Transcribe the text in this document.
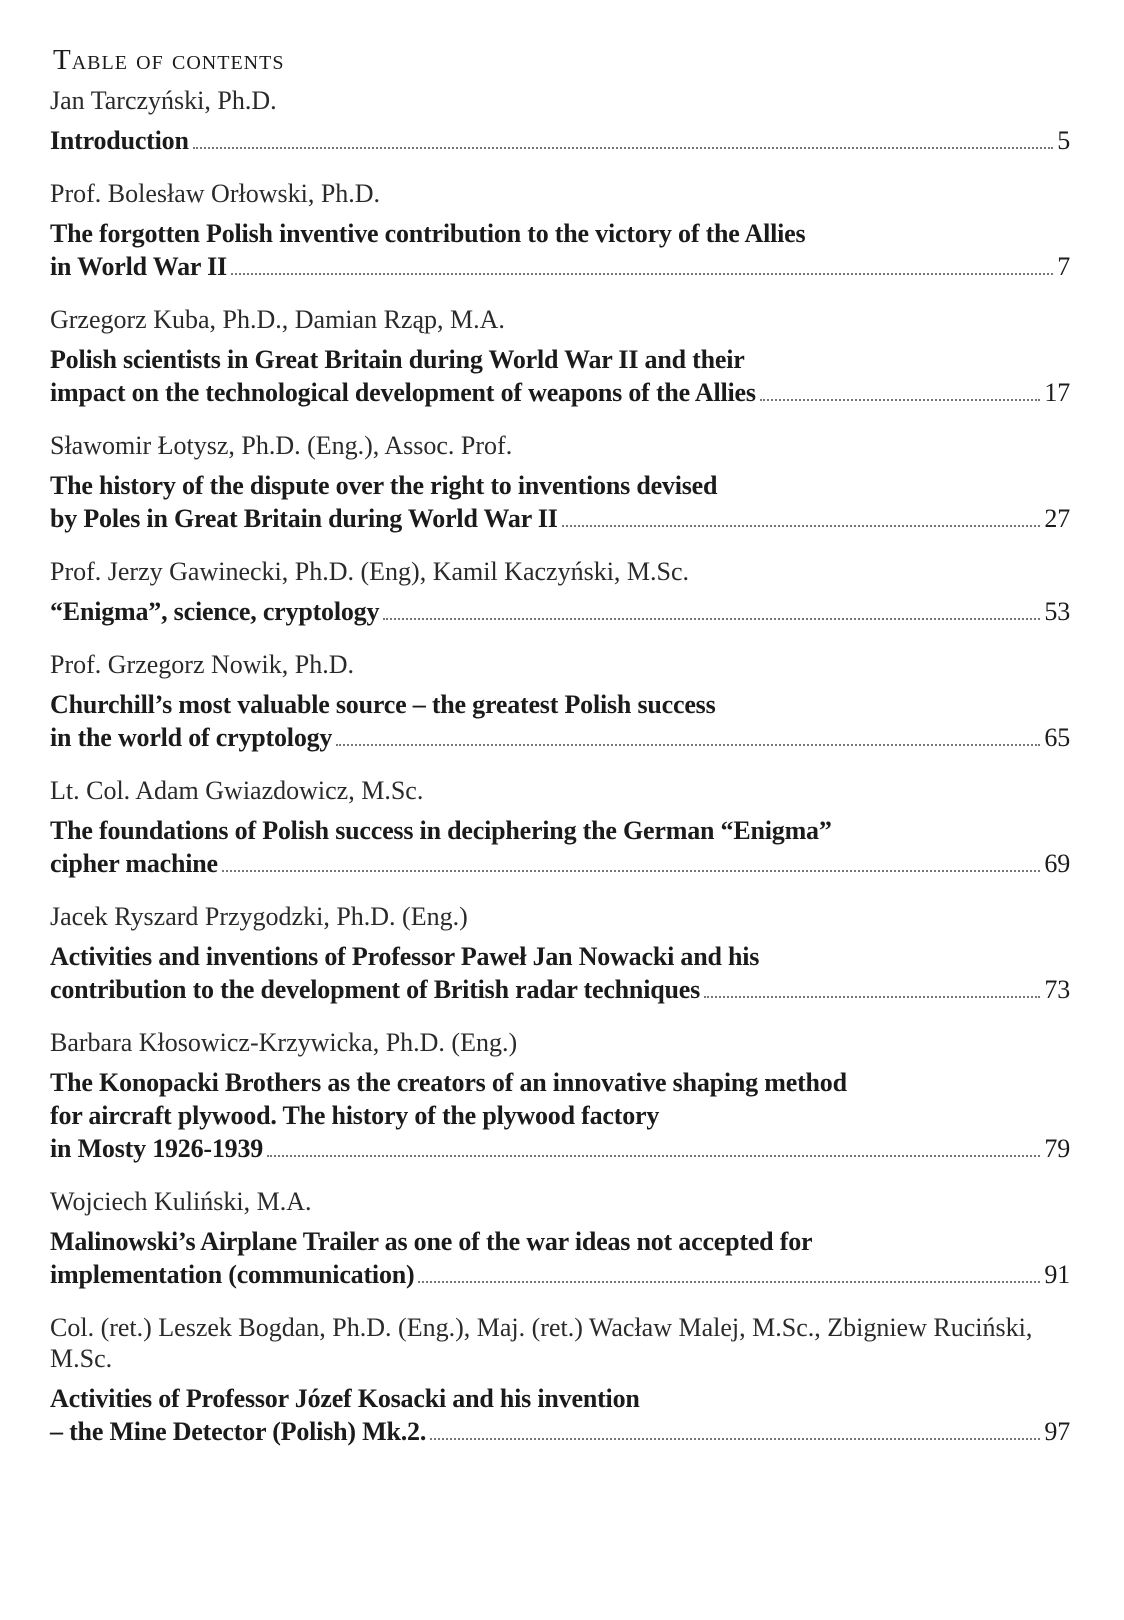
Table of contents
Jan Tarczyński, Ph.D.
Introduction	5
Prof. Bolesław Orłowski, Ph.D.
The forgotten Polish inventive contribution to the victory of the Allies
in World War II	7
Grzegorz Kuba, Ph.D., Damian Rząp, M.A.
Polish scientists in Great Britain during World War II and their
impact on the technological development of weapons of the Allies	17
Sławomir Łotysz, Ph.D. (Eng.), Assoc. Prof.
The history of the dispute over the right to inventions devised
by Poles in Great Britain during World War II	27
Prof. Jerzy Gawinecki, Ph.D. (Eng), Kamil Kaczyński, M.Sc.
“Enigma”, science, cryptology	53
Prof. Grzegorz Nowik, Ph.D.
Churchill’s most valuable source – the greatest Polish success
in the world of cryptology	65
Lt. Col. Adam Gwiazdowicz, M.Sc.
The foundations of Polish success in deciphering the German “Enigma”
cipher machine	69
Jacek Ryszard Przygodzki, Ph.D. (Eng.)
Activities and inventions of Professor Paweł Jan Nowacki and his
contribution to the development of British radar techniques	73
Barbara Kłosowicz-Krzywicka, Ph.D. (Eng.)
The Konopacki Brothers as the creators of an innovative shaping method
for aircraft plywood. The history of the plywood factory
in Mosty 1926-1939	79
Wojciech Kuliński, M.A.
Malinowski’s Airplane Trailer as one of the war ideas not accepted for
implementation (communication)	91
Col. (ret.) Leszek Bogdan, Ph.D. (Eng.), Maj. (ret.) Wacław Malej, M.Sc., Zbigniew Ruciński, M.Sc.
Activities of Professor Józef Kosacki and his invention
– the Mine Detector (Polish) Mk.2.	97
